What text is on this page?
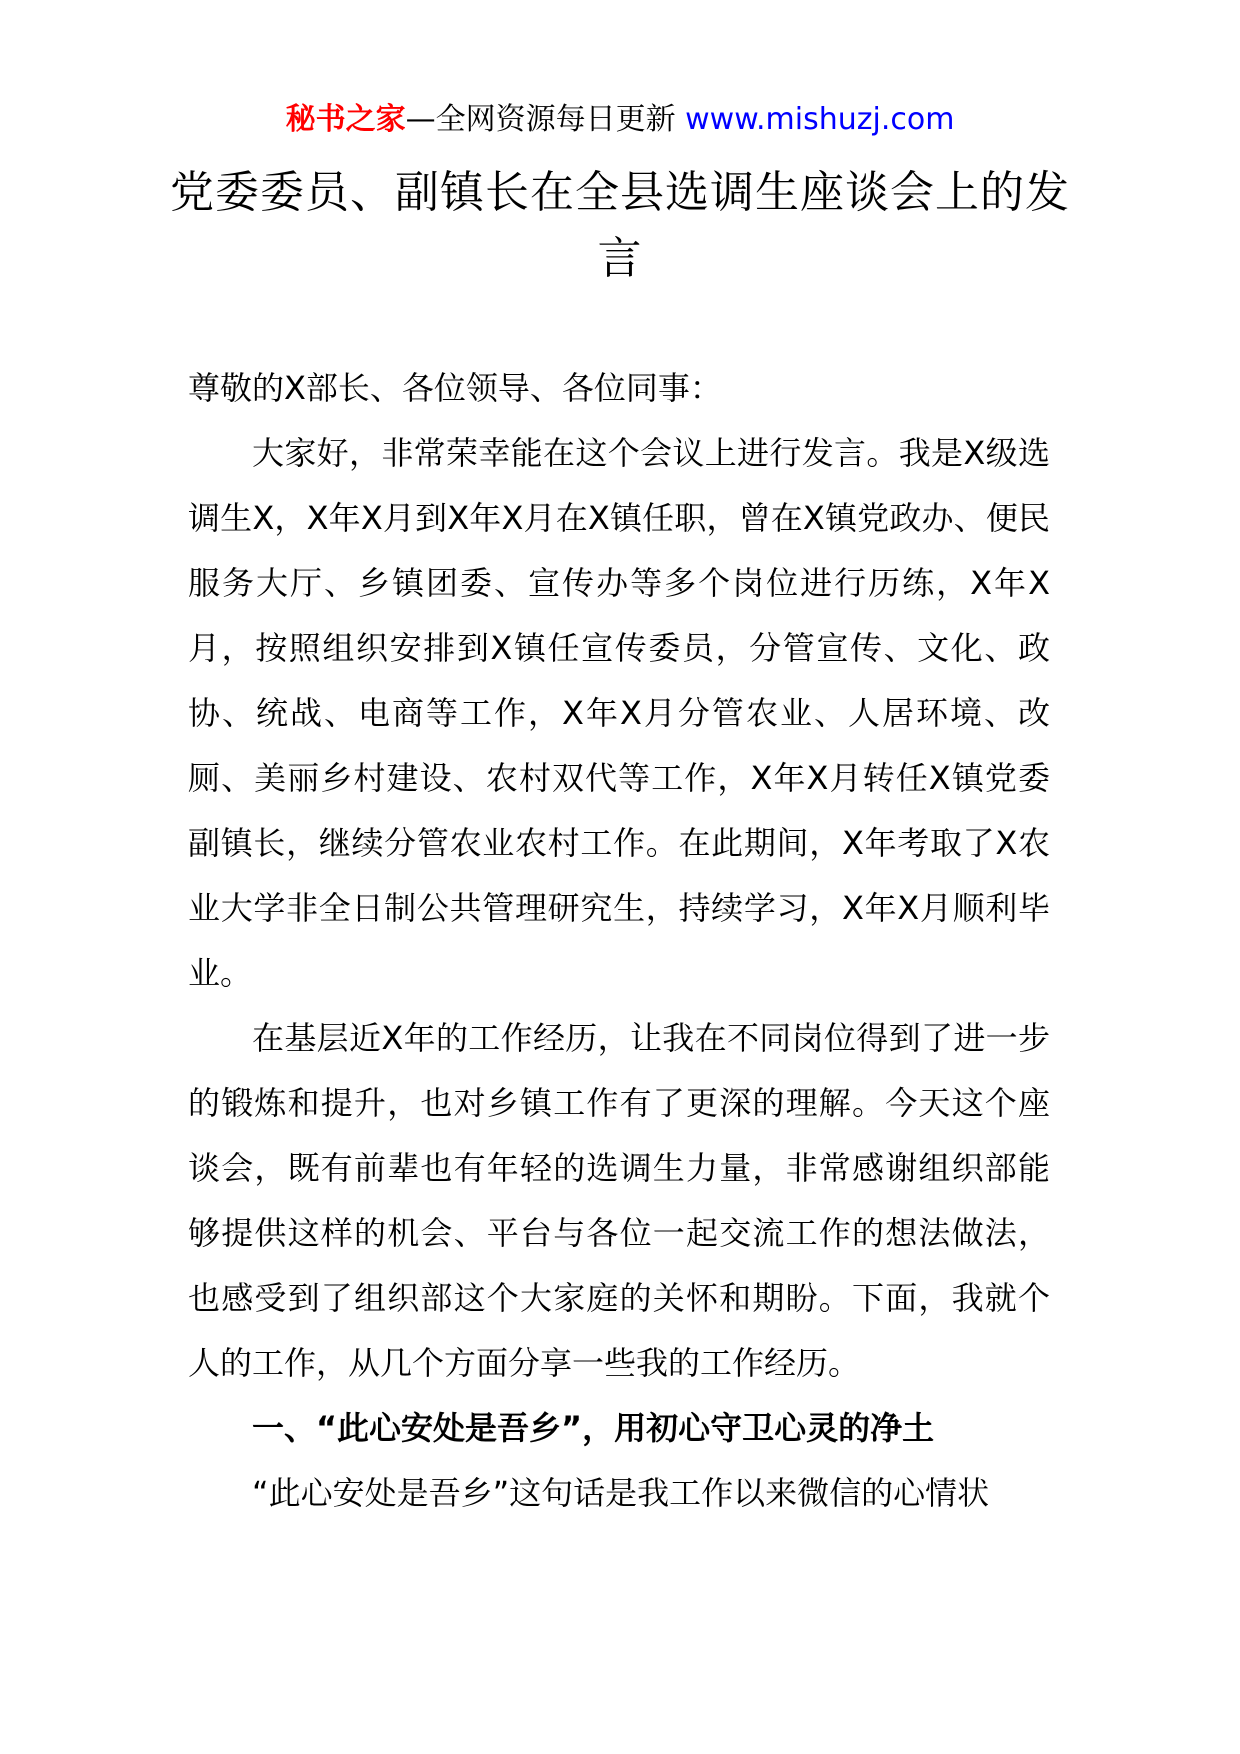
秘书之家—全网资源每日更新 www.mishuzj.com
党委委员、副镇长在全县选调生座谈会上的发言

尊敬的X部长、各位领导、各位同事：

大家好，非常荣幸能在这个会议上进行发言。我是X级选调生X，X年X月到X年X月在X镇任职，曾在X镇党政办、便民服务大厅、乡镇团委、宣传办等多个岗位进行历练，X年X月，按照组织安排到X镇任宣传委员，分管宣传、文化、政协、统战、电商等工作，X年X月分管农业、人居环境、改厕、美丽乡村建设、农村双代等工作，X年X月转任X镇党委副镇长，继续分管农业农村工作。在此期间，X年考取了X农业大学非全日制公共管理研究生，持续学习，X年X月顺利毕业。

在基层近X年的工作经历，让我在不同岗位得到了进一步的锻炼和提升，也对乡镇工作有了更深的理解。今天这个座谈会，既有前辈也有年轻的选调生力量，非常感谢组织部能够提供这样的机会、平台与各位一起交流工作的想法做法，也感受到了组织部这个大家庭的关怀和期盼。下面，我就个人的工作，从几个方面分享一些我的工作经历。

一、“此心安处是吾乡”，用初心守卫心灵的净土

“此心安处是吾乡”这句话是我工作以来微信的心情状
